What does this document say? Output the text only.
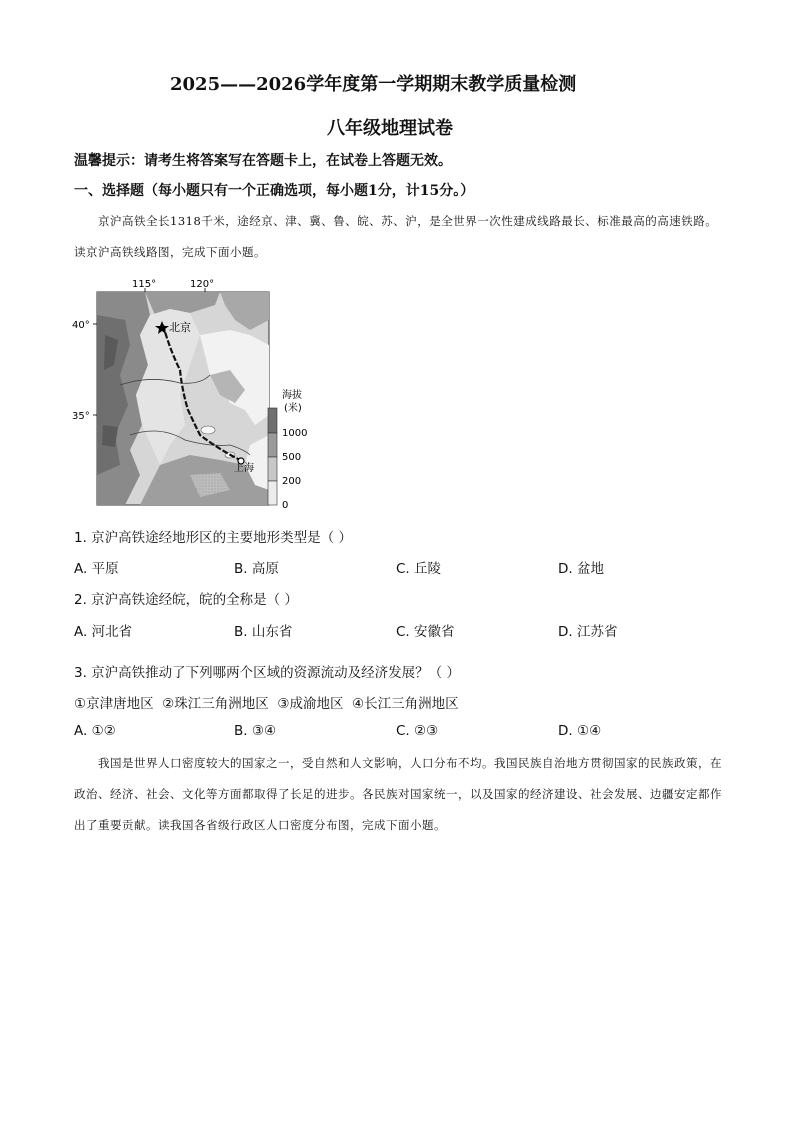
2025——2026学年度第一学期期末教学质量检测
八年级地理试卷
温馨提示：请考生将答案写在答题卡上，在试卷上答题无效。
一、选择题（每小题只有一个正确选项，每小题1分，计15分。）
京沪高铁全长1318千米，途经京、津、冀、鲁、皖、苏、沪，是全世界一次性建成线路最长、标准最高的高速铁路。读京沪高铁线路图，完成下面小题。
北京
上海
115°	120°
40°
35°
海拔
(米)
1000
500
200
0
1. 京沪高铁途经地形区的主要地形类型是（ ）
A. 平原	B. 高原	C. 丘陵	D. 盆地
2. 京沪高铁途经皖，皖的全称是（ ）
A. 河北省	B. 山东省	C. 安徽省	D. 江苏省
3. 京沪高铁推动了下列哪两个区域的资源流动及经济发展？（ ）
①京津唐地区  ②珠江三角洲地区  ③成渝地区  ④长江三角洲地区
A. ①②	B. ③④	C. ②③	D. ①④
我国是世界人口密度较大的国家之一，受自然和人文影响，人口分布不均。我国民族自治地方贯彻国家的民族政策，在政治、经济、社会、文化等方面都取得了长足的进步。各民族对国家统一，以及国家的经济建设、社会发展、边疆安定都作出了重要贡献。读我国各省级行政区人口密度分布图，完成下面小题。
